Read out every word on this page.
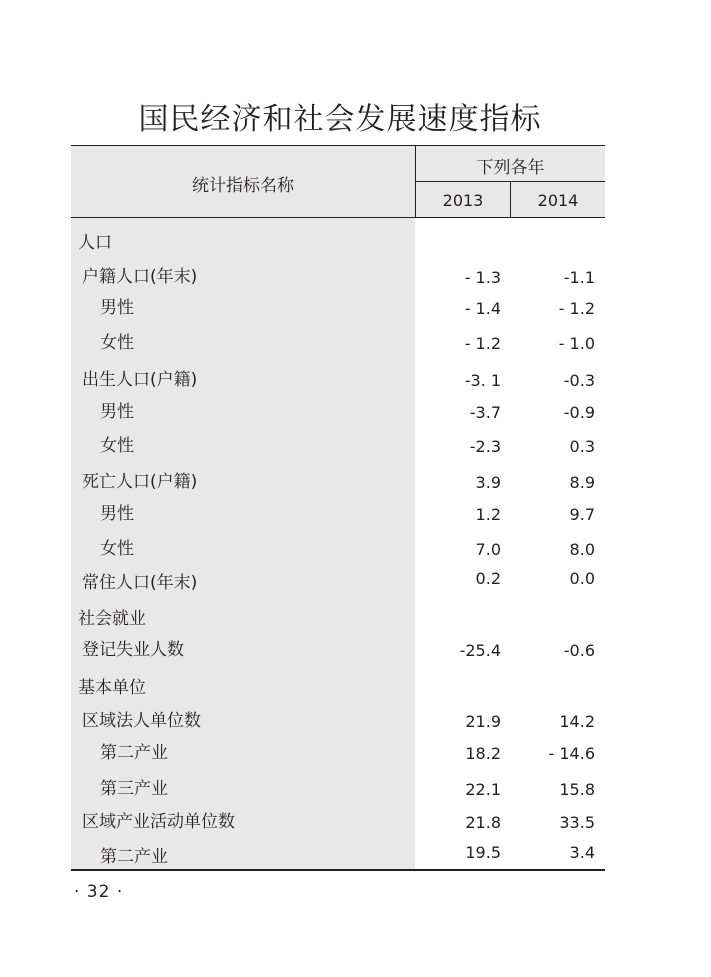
国民经济和社会发展速度指标
统计指标名称
下列各年
2013	2014
人口
户籍人口(年末)	- 1.3	-1.1
男性	- 1.4	- 1.2
女性	- 1.2	- 1.0
出生人口(户籍)	-3. 1	-0.3
男性	-3.7	-0.9
女性	-2.3	0.3
死亡人口(户籍)	3.9	8.9
男性	1.2	9.7
女性	7.0	8.0
常住人口(年末)	0.2	0.0
社会就业
登记失业人数	-25.4	-0.6
基本单位
区域法人单位数	21.9	14.2
第二产业	18.2	- 14.6
第三产业	22.1	15.8
区域产业活动单位数	21.8	33.5
第二产业	19.5	3.4
· 32 ·
